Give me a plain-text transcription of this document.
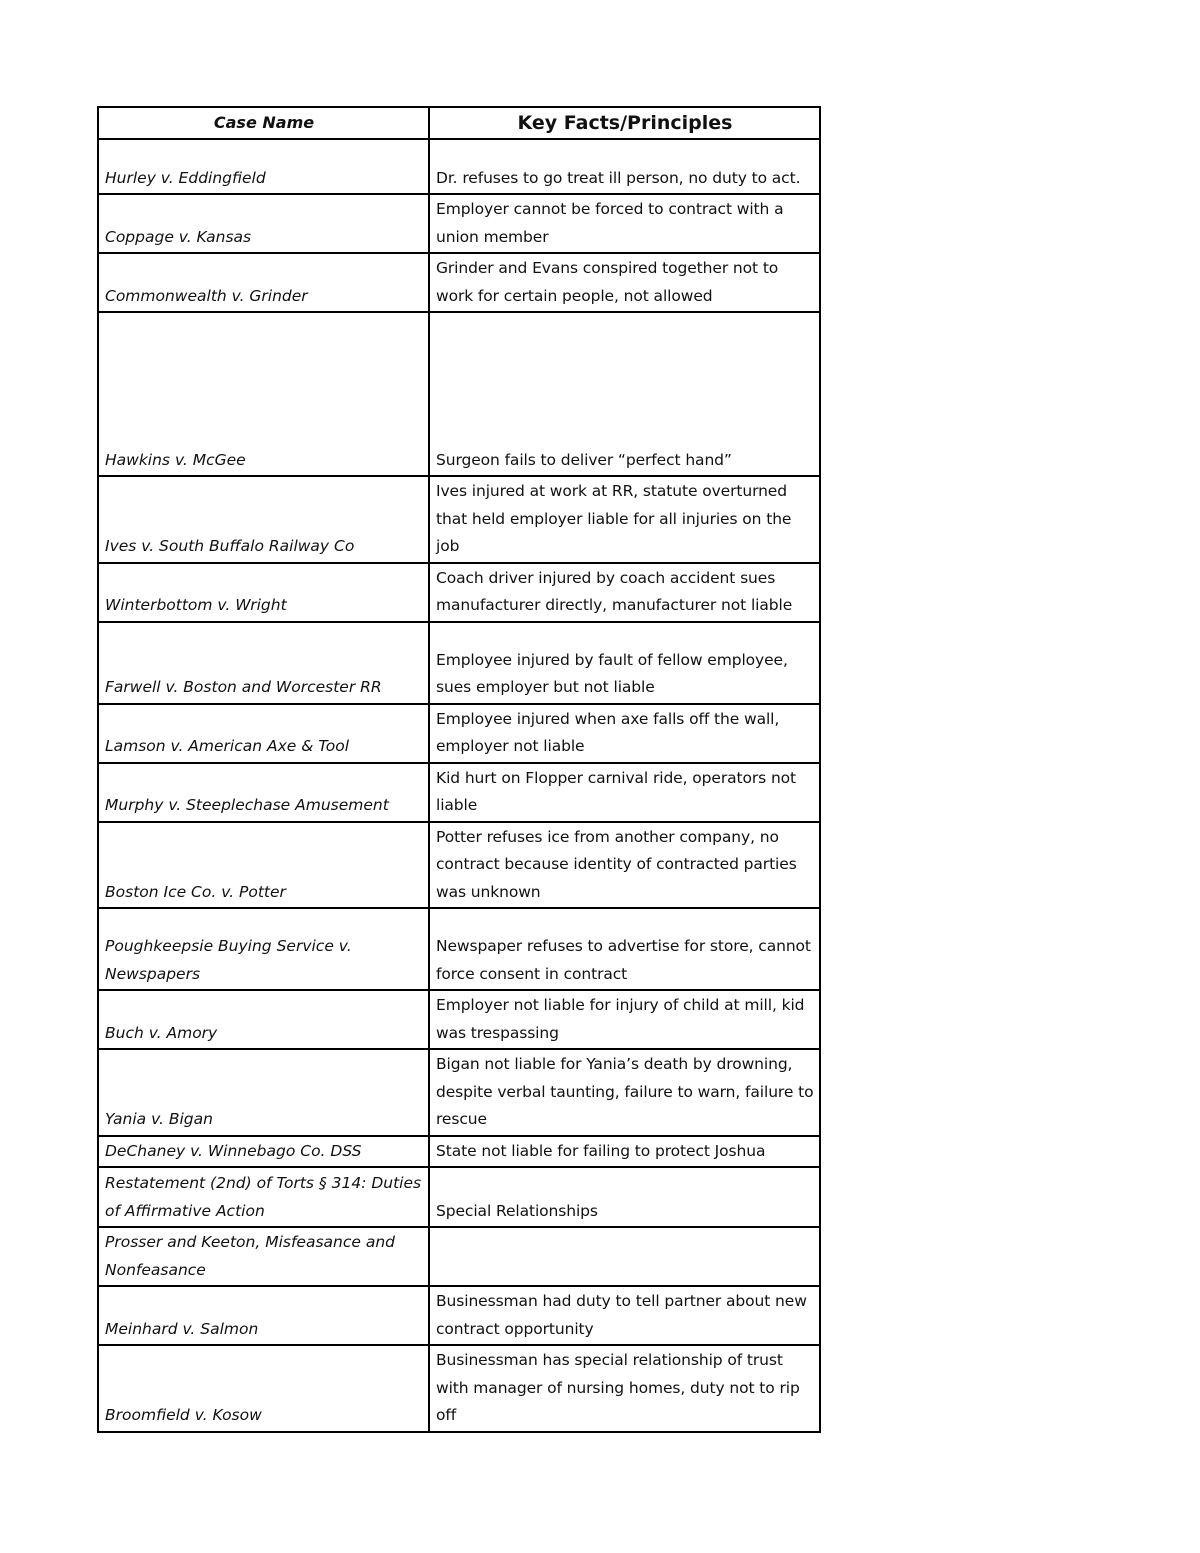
Case Name	Key Facts/Principles
Hurley v. Eddingfield	Dr. refuses to go treat ill person, no duty to act.
Coppage v. Kansas	Employer cannot be forced to contract with a union member
Commonwealth v. Grinder	Grinder and Evans conspired together not to work for certain people, not allowed
Hawkins v. McGee	Surgeon fails to deliver “perfect hand”
Ives v. South Buffalo Railway Co	Ives injured at work at RR, statute overturned that held employer liable for all injuries on the job
Winterbottom v. Wright	Coach driver injured by coach accident sues manufacturer directly, manufacturer not liable
Farwell v. Boston and Worcester RR	Employee injured by fault of fellow employee, sues employer but not liable
Lamson v. American Axe & Tool	Employee injured when axe falls off the wall, employer not liable
Murphy v. Steeplechase Amusement	Kid hurt on Flopper carnival ride, operators not liable
Boston Ice Co. v. Potter	Potter refuses ice from another company, no contract because identity of contracted parties was unknown
Poughkeepsie Buying Service v. Newspapers	Newspaper refuses to advertise for store, cannot force consent in contract
Buch v. Amory	Employer not liable for injury of child at mill, kid was trespassing
Yania v. Bigan	Bigan not liable for Yania’s death by drowning, despite verbal taunting, failure to warn, failure to rescue
DeChaney v. Winnebago Co. DSS	State not liable for failing to protect Joshua
Restatement (2nd) of Torts § 314: Duties of Affirmative Action	Special Relationships
Prosser and Keeton, Misfeasance and Nonfeasance	
Meinhard v. Salmon	Businessman had duty to tell partner about new contract opportunity
Broomfield v. Kosow	Businessman has special relationship of trust with manager of nursing homes, duty not to rip off
